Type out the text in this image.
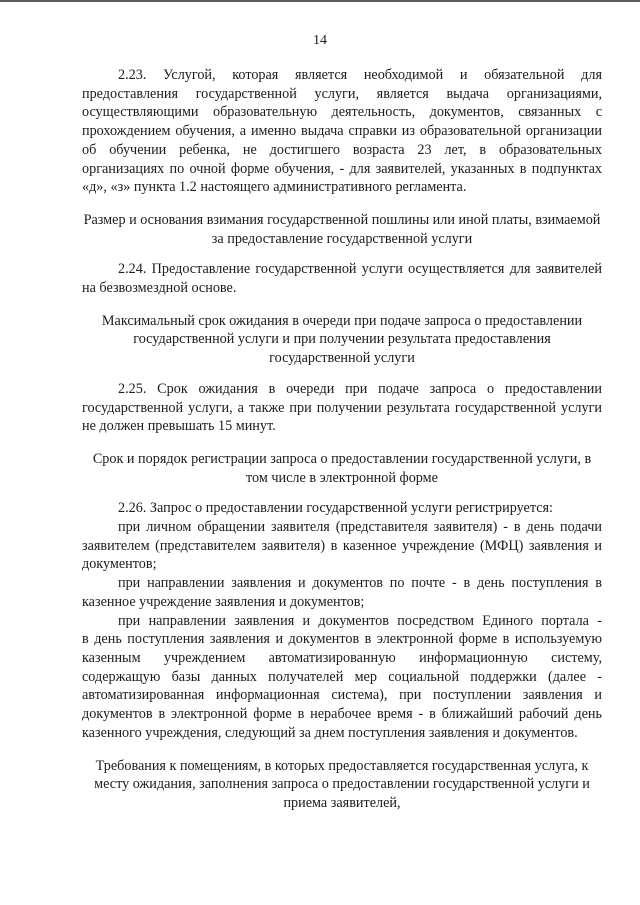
14

2.23. Услугой, которая является необходимой и обязательной для предоставления государственной услуги, является выдача организациями, осуществляющими образовательную деятельность, документов, связанных с прохождением обучения, а именно выдача справки из образовательной организации об обучении ребенка, не достигшего возраста 23 лет, в образовательных организациях по очной форме обучения, - для заявителей, указанных в подпунктах «д», «з» пункта 1.2 настоящего административного регламента.

Размер и основания взимания государственной пошлины или иной платы, взимаемой за предоставление государственной услуги

2.24. Предоставление государственной услуги осуществляется для заявителей на безвозмездной основе.

Максимальный срок ожидания в очереди при подаче запроса о предоставлении государственной услуги и при получении результата предоставления государственной услуги

2.25. Срок ожидания в очереди при подаче запроса о предоставлении государственной услуги, а также при получении результата государственной услуги не должен превышать 15 минут.

Срок и порядок регистрации запроса о предоставлении государственной услуги, в том числе в электронной форме

2.26. Запрос о предоставлении государственной услуги регистрируется:

при личном обращении заявителя (представителя заявителя) - в день подачи заявителем (представителем заявителя) в казенное учреждение (МФЦ) заявления и документов;

при направлении заявления и документов по почте - в день поступления в казенное учреждение заявления и документов;

при направлении заявления и документов посредством Единого портала -

в день поступления заявления и документов в электронной форме в используемую казенным учреждением автоматизированную информационную систему, содержащую базы данных получателей мер социальной поддержки (далее - автоматизированная информационная система), при поступлении заявления и документов в электронной форме в нерабочее время - в ближайший рабочий день казенного учреждения, следующий за днем поступления заявления и документов.

Требования к помещениям, в которых предоставляется государственная услуга, к месту ожидания, заполнения запроса о предоставлении государственной услуги и приема заявителей,
